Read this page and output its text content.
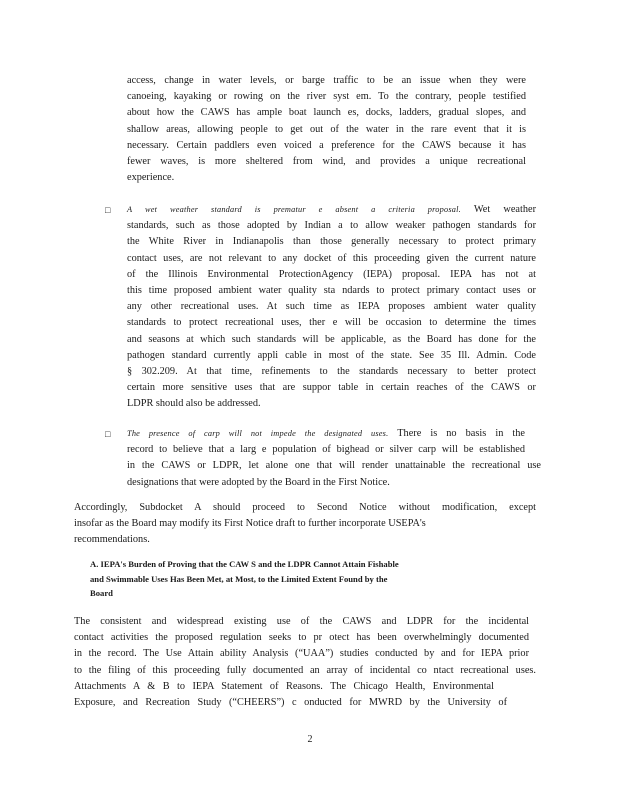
access, change in water levels, or barge traffic to be an issue when they were
canoeing, kayaking or rowing on the river syst em. To the contrary, people testified
about how the CAWS has ample boat launch es, docks, ladders, gradual slopes, and
shallow areas, allowing people to get out of the water in the rare event that it is
necessary. Certain paddlers even voiced a preference for the CAWS because it has
fewer waves, is more sheltered from wind, and provides a unique recreational
experience.
□ A wet weather standard is prematur e absent a criteria proposal. Wet weather
standards, such as those adopted by Indian a to allow weaker pathogen standards for
the White River in Indianapolis than those generally necessary to protect primary
contact uses, are not relevant to any docket of this proceeding given the current nature
of the Illinois Environmental ProtectionAgency (IEPA) proposal. IEPA has not at
this time proposed ambient water quality sta ndards to protect primary contact uses or
any other recreational uses. At such time as IEPA proposes ambient water quality
standards to protect recreational uses, ther e will be occasion to determine the times
and seasons at which such standards will be applicable, as the Board has done for the
pathogen standard currently appli cable in most of the state. See 35 Ill. Admin. Code
§ 302.209. At that time, refinements to the standards necessary to better protect
certain more sensitive uses that are suppor table in certain reaches of the CAWS or
LDPR should also be addressed.
□ The presence of carp will not impede the designated uses. There is no basis in the
record to believe that a larg e population of bighead or silver carp will be established
in the CAWS or LDPR, let alone one that will render unattainable the recreational use
designations that were adopted by the Board in the First Notice.
Accordingly, Subdocket A should proceed to Second Notice without modification, except
insofar as the Board may modify its First Notice draft to further incorporate USEPA's
recommendations.
A. IEPA's Burden of Proving that the CAW S and the LDPR Cannot Attain Fishable
and Swimmable Uses Has Been Met, at Most, to the Limited Extent Found by the
Board
The consistent and widespread existing use of the CAWS and LDPR for the incidental
contact activities the proposed regulation seeks to pr otect has been overwhelmingly documented
in the record. The Use Attain ability Analysis (“UAA”) studies conducted by and for IEPA prior
to the filing of this proceeding fully documented an array of incidental co ntact recreational uses.
Attachments A & B to IEPA Statement of Reasons. The Chicago Health, Environmental
Exposure, and Recreation Study (“CHEERS”) c onducted for MWRD by the University of
2
